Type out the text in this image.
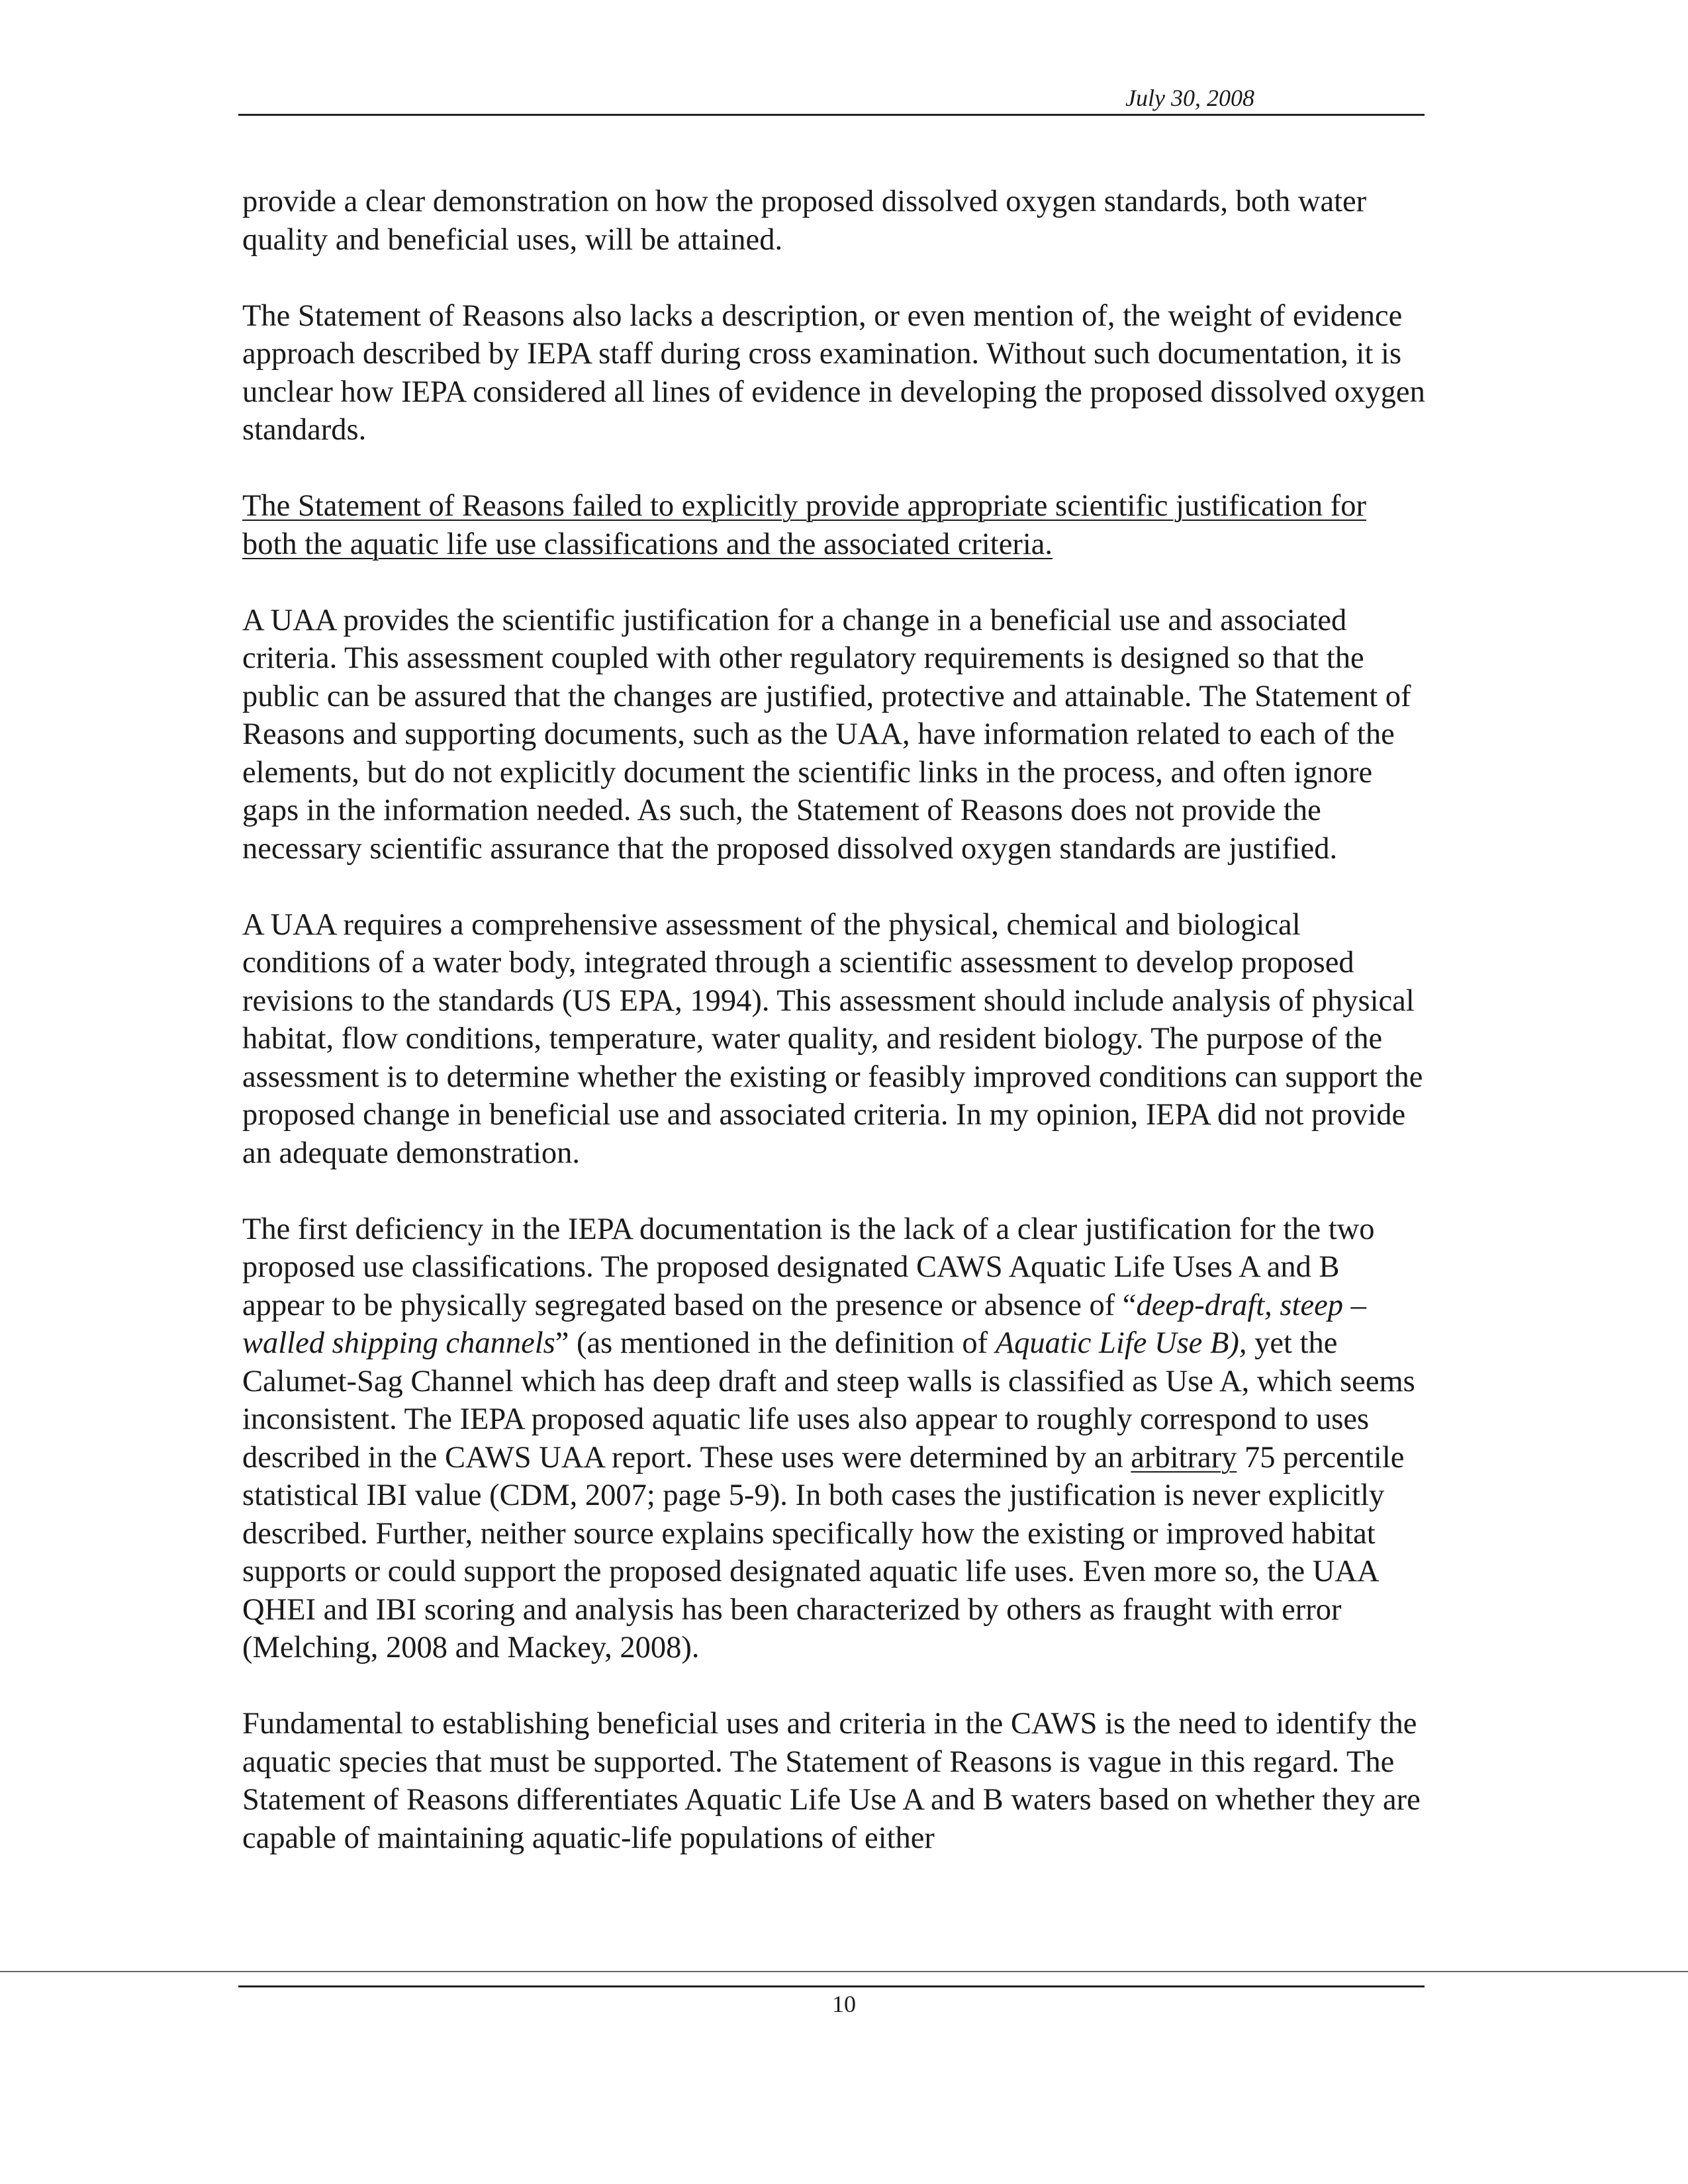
July 30, 2008

provide a clear demonstration on how the proposed dissolved oxygen standards, both water quality and beneficial uses, will be attained.

The Statement of Reasons also lacks a description, or even mention of, the weight of evidence approach described by IEPA staff during cross examination. Without such documentation, it is unclear how IEPA considered all lines of evidence in developing the proposed dissolved oxygen standards.

The Statement of Reasons failed to explicitly provide appropriate scientific justification for both the aquatic life use classifications and the associated criteria.

A UAA provides the scientific justification for a change in a beneficial use and associated criteria. This assessment coupled with other regulatory requirements is designed so that the public can be assured that the changes are justified, protective and attainable. The Statement of Reasons and supporting documents, such as the UAA, have information related to each of the elements, but do not explicitly document the scientific links in the process, and often ignore gaps in the information needed. As such, the Statement of Reasons does not provide the necessary scientific assurance that the proposed dissolved oxygen standards are justified.

A UAA requires a comprehensive assessment of the physical, chemical and biological conditions of a water body, integrated through a scientific assessment to develop proposed revisions to the standards (US EPA, 1994). This assessment should include analysis of physical habitat, flow conditions, temperature, water quality, and resident biology. The purpose of the assessment is to determine whether the existing or feasibly improved conditions can support the proposed change in beneficial use and associated criteria. In my opinion, IEPA did not provide an adequate demonstration.

The first deficiency in the IEPA documentation is the lack of a clear justification for the two proposed use classifications. The proposed designated CAWS Aquatic Life Uses A and B appear to be physically segregated based on the presence or absence of “deep-draft, steep –walled shipping channels” (as mentioned in the definition of Aquatic Life Use B), yet the Calumet-Sag Channel which has deep draft and steep walls is classified as Use A, which seems inconsistent. The IEPA proposed aquatic life uses also appear to roughly correspond to uses described in the CAWS UAA report. These uses were determined by an arbitrary 75 percentile statistical IBI value (CDM, 2007; page 5-9). In both cases the justification is never explicitly described. Further, neither source explains specifically how the existing or improved habitat supports or could support the proposed designated aquatic life uses. Even more so, the UAA QHEI and IBI scoring and analysis has been characterized by others as fraught with error (Melching, 2008 and Mackey, 2008).

Fundamental to establishing beneficial uses and criteria in the CAWS is the need to identify the aquatic species that must be supported. The Statement of Reasons is vague in this regard. The Statement of Reasons differentiates Aquatic Life Use A and B waters based on whether they are capable of maintaining aquatic-life populations of either

10
